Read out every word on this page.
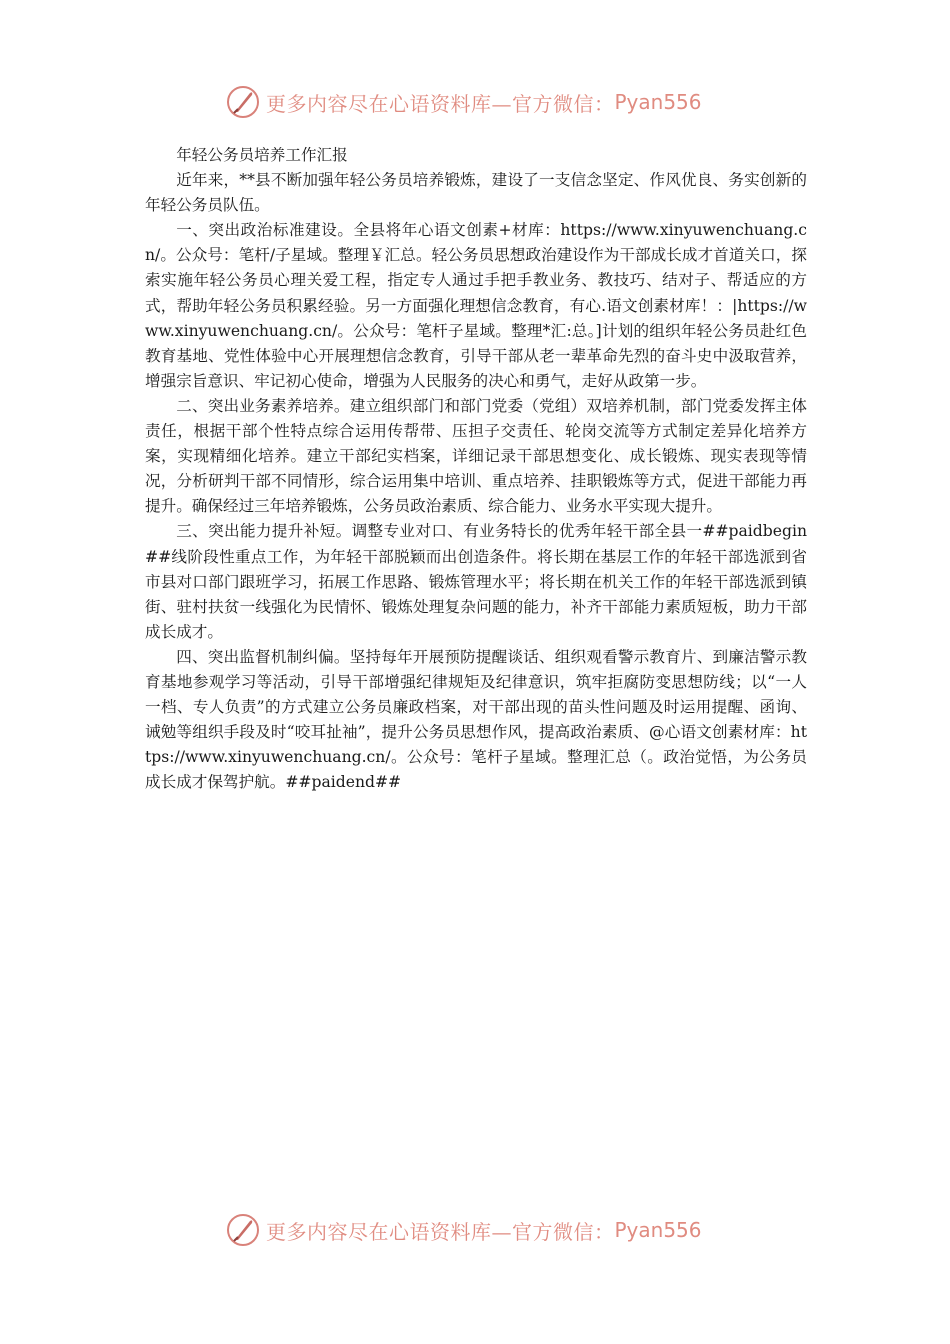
更多内容尽在心语资料库—官方微信： Pyan556

年轻公务员培养工作汇报

近年来，**县不断加强年轻公务员培养锻炼，建设了一支信念坚定、作风优良、务实创新的年轻公务员队伍。

一、突出政治标准建设。全县将年心语文创素+材库：https://www.xinyuwenchuang.cn/。公众号：笔杆/子星域。整理￥汇总。轻公务员思想政治建设作为干部成长成才首道关口，探索实施年轻公务员心理关爱工程，指定专人通过手把手教业务、教技巧、结对子、帮适应的方式，帮助年轻公务员积累经验。另一方面强化理想信念教育，有心.语文创素材库！：|https://www.xinyuwenchuang.cn/。公众号：笔杆子星域。整理*汇:总。]计划的组织年轻公务员赴红色教育基地、党性体验中心开展理想信念教育，引导干部从老一辈革命先烈的奋斗史中汲取营养，增强宗旨意识、牢记初心使命，增强为人民服务的决心和勇气，走好从政第一步。

二、突出业务素养培养。建立组织部门和部门党委（党组）双培养机制，部门党委发挥主体责任，根据干部个性特点综合运用传帮带、压担子交责任、轮岗交流等方式制定差异化培养方案，实现精细化培养。建立干部纪实档案，详细记录干部思想变化、成长锻炼、现实表现等情况，分析研判干部不同情形，综合运用集中培训、重点培养、挂职锻炼等方式，促进干部能力再提升。确保经过三年培养锻炼，公务员政治素质、综合能力、业务水平实现大提升。

三、突出能力提升补短。调整专业对口、有业务特长的优秀年轻干部全县一##paidbegin##线阶段性重点工作，为年轻干部脱颖而出创造条件。将长期在基层工作的年轻干部选派到省市县对口部门跟班学习，拓展工作思路、锻炼管理水平；将长期在机关工作的年轻干部选派到镇街、驻村扶贫一线强化为民情怀、锻炼处理复杂问题的能力，补齐干部能力素质短板，助力干部成长成才。

四、突出监督机制纠偏。坚持每年开展预防提醒谈话、组织观看警示教育片、到廉洁警示教育基地参观学习等活动，引导干部增强纪律规矩及纪律意识，筑牢拒腐防变思想防线；以“一人一档、专人负责”的方式建立公务员廉政档案，对干部出现的苗头性问题及时运用提醒、函询、诫勉等组织手段及时“咬耳扯袖”，提升公务员思想作风，提高政治素质、@心语文创素材库：https://www.xinyuwenchuang.cn/。公众号：笔杆子星域。整理汇总（。政治觉悟，为公务员成长成才保驾护航。##paidend##

更多内容尽在心语资料库—官方微信： Pyan556
